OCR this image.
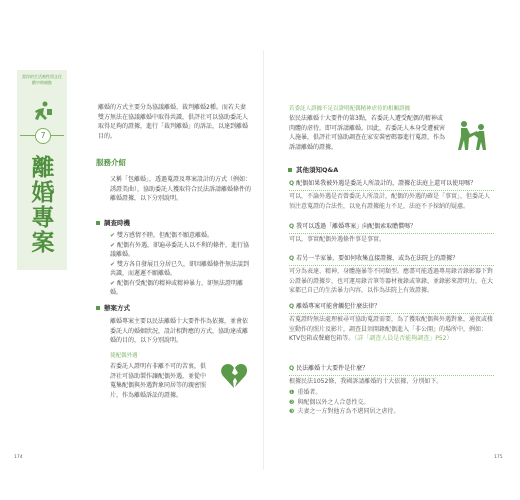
當你的生活被性別文化
戳中時痛點
7
離
婚
專
案
離婚的方式主要分為協議離婚、裁判離婚2種。而若夫妻雙方無法在協議離婚中取得共識，俱評社可以協助委託人取得足夠的證據，進行「裁判離婚」的訴訟，以達到離婚目的。
服務介紹
又稱「包離婚」，透過蒐證及專案設計的方式（例如：誘證美曲），協助委託人獲取符合民法訴請離婚條件的離婚證據，以下分別說明。
調查時機
✔ 雙方感情不睦，但配偶不願意離婚。
✔ 配偶有外遇，卻遍尋委託人以不利的條件，進行協議離婚。
✔ 雙方各自發展且分居已久，卻因離婚條件無法談到共識，而遲遲不願離婚。
✔ 配偶有受配偶的精神或精神暴力，卻無法證明離婚。
辦案方式
離婚專案主要以民法離婚十大要件作為依據，並會依委託人的婚姻狀況，設計相對應的方式，協助達成離婚的目的，以下分別說明。
使配偶外遇
若委託人證明有非離不可的苦衷，俱評社可協助製作讓配偶外遇，並從中蒐集配偶與外遇對象同居等的親密照片，作為離婚訴訟的證據。
174
若委託人證據不足以證明配偶精神虐待的相關證據
依民法離婚十大要件的第3點，若委託人遭受配偶的精神或肉體的虐待，即可訴請離婚。因此，若委託人本身受遭被害人施暴，俱評社可協助調查在家安裝密碼器進行蒐證，作為訴請離婚的證據。
其他須知Q&A
Q 配偶如果我被外遇是委託人所設計的，證據在法庭上還可以使用嗎？
可以，不論外遇是否曾委託人所設計，配偶的外遇的確是「事實」，但委託人須注意蒐證的合法性，以免有證據能力不足，法庭不予採納的疑慮。
Q 我可以透過「離婚專案」向配偶索取贍償嗎？
可以，事實配偶外遇條件事是事實。
Q 若另一半家暴，要如何收集直接證據，或為在法院上的證據？
可分為表達、精神、身體施暴等不同類型。應盡可能透過專用錄音錄影器下對公證暴的證據步，也可運用錄音筆等器材複錄或筆錄，並錄影來證明力，在大家都已自己的生活暴力內容，以作為法院上有效證據。
Q 離婚專案可能會觸犯什麼法律？
若蒐證時無法處理被尋可協助蒐證需要，為了獲取配偶與外遇對象，通夜或棲室動作的照片及影片，調查員須開錄配偶進入「非公開」的場所中，例如：KTV包箱或餐廳包箱等。（詳「調查人員是否能夠調查」P52）
Q 民法離婚十大要件是什麼？
根據民法1052條，我國訴請離婚的十大依據，分別如下。
❶ 重婚者。
❷ 與配偶以外之人合意性交。
❸ 夫妻之一方對他方為不堪同居之虐待。
175
